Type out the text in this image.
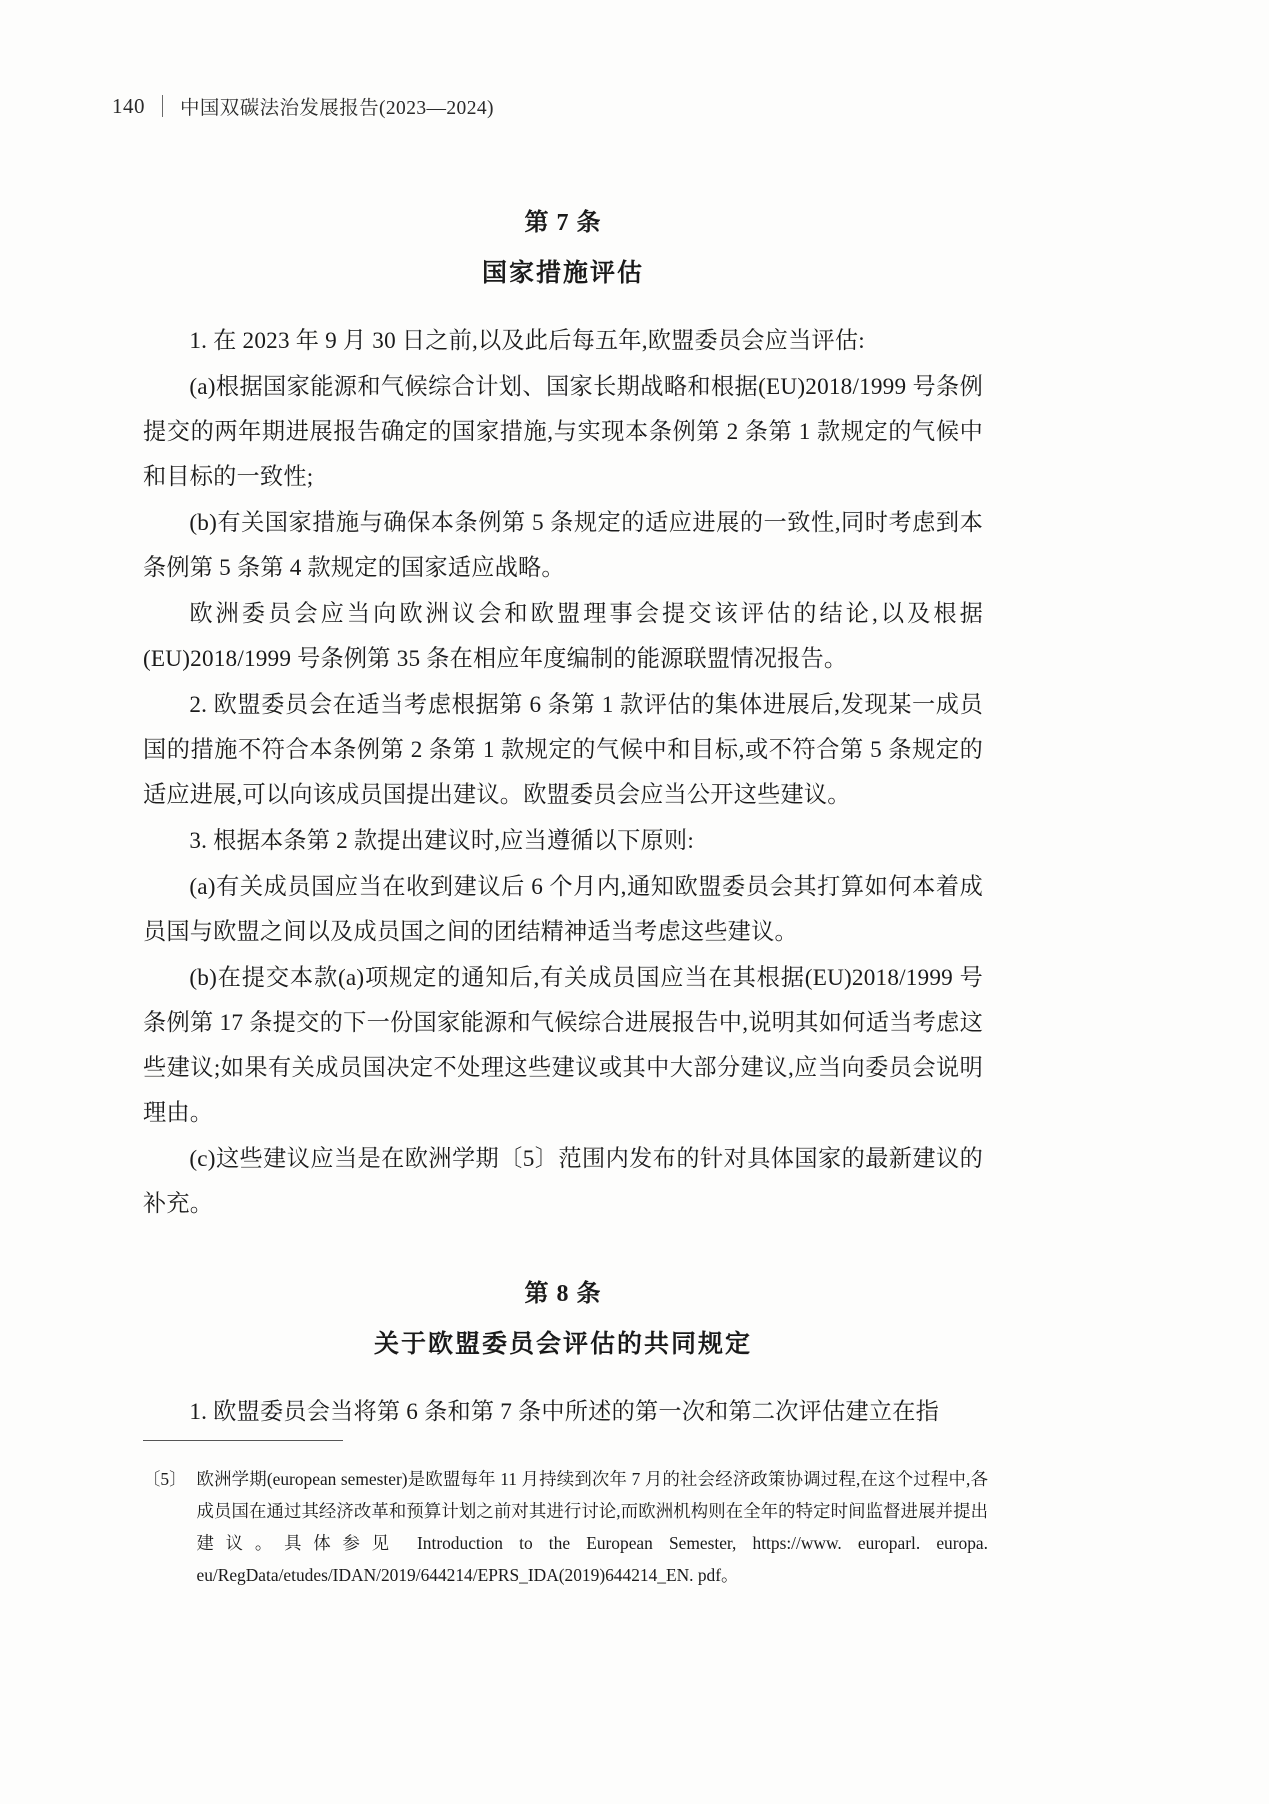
140	中国双碳法治发展报告(2023—2024)
第 7 条
国家措施评估

1. 在 2023 年 9 月 30 日之前,以及此后每五年,欧盟委员会应当评估:

(a)根据国家能源和气候综合计划、国家长期战略和根据(EU)2018/1999 号条例提交的两年期进展报告确定的国家措施,与实现本条例第 2 条第 1 款规定的气候中和目标的一致性;

(b)有关国家措施与确保本条例第 5 条规定的适应进展的一致性,同时考虑到本条例第 5 条第 4 款规定的国家适应战略。

欧洲委员会应当向欧洲议会和欧盟理事会提交该评估的结论,以及根据(EU)2018/1999 号条例第 35 条在相应年度编制的能源联盟情况报告。

2. 欧盟委员会在适当考虑根据第 6 条第 1 款评估的集体进展后,发现某一成员国的措施不符合本条例第 2 条第 1 款规定的气候中和目标,或不符合第 5 条规定的适应进展,可以向该成员国提出建议。欧盟委员会应当公开这些建议。

3. 根据本条第 2 款提出建议时,应当遵循以下原则:

(a)有关成员国应当在收到建议后 6 个月内,通知欧盟委员会其打算如何本着成员国与欧盟之间以及成员国之间的团结精神适当考虑这些建议。

(b)在提交本款(a)项规定的通知后,有关成员国应当在其根据(EU)2018/1999 号条例第 17 条提交的下一份国家能源和气候综合进展报告中,说明其如何适当考虑这些建议;如果有关成员国决定不处理这些建议或其中大部分建议,应当向委员会说明理由。

(c)这些建议应当是在欧洲学期〔5〕范围内发布的针对具体国家的最新建议的补充。

第 8 条
关于欧盟委员会评估的共同规定

1. 欧盟委员会当将第 6 条和第 7 条中所述的第一次和第二次评估建立在指

〔5〕 欧洲学期(european semester)是欧盟每年 11 月持续到次年 7 月的社会经济政策协调过程,在这个过程中,各成员国在通过其经济改革和预算计划之前对其进行讨论,而欧洲机构则在全年的特定时间监督进展并提出建议。具体参见 Introduction to the European Semester, https://www. europarl. europa. eu/RegData/etudes/IDAN/2019/644214/EPRS_IDA(2019)644214_EN. pdf。
